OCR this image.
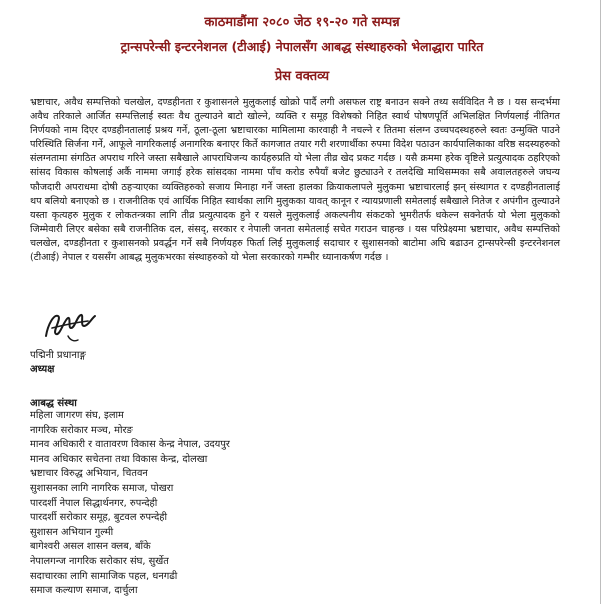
काठमाडौंमा २०८० जेठ १९-२० गते सम्पन्न
ट्रान्सपरेन्सी इन्टरनेशनल (टीआई) नेपालसँग आबद्ध संस्थाहरुको भेलाद्धारा पारित
प्रेस वक्तव्य
भ्रष्टाचार, अवैध सम्पत्तिको चलखेल, दण्डहीनता र कुशासनले मुलुकलाई खोक्रो पार्दै लगी असफल राष्ट्र बनाउन सक्ने तथ्य सर्वविदित नै छ । यस सन्दर्भमा अवैध तरिकाले आर्जित सम्पत्तिलाई स्वतः वैध तुल्याउने बाटो खोल्ने, व्यक्ति र समूह विशेषको निहित स्वार्थ पोषणपूर्ति अभिलक्षित निर्णयलाई नीतिगत निर्णयको नाम दिएर दण्डहीनतालाई प्रश्रय गर्ने, ठूला-ठूला भ्रष्टाचारका मामिलामा कारवाही नै नचल्ने र तितमा संलग्न उच्चपदस्थहरुले स्वतः उन्मुक्ति पाउने परिस्थिति सिर्जना गर्ने, आफूले नागरिकलाई अनागरिक बनाएर किर्ते कागजात तयार गरी शरणार्थीका रुपमा विदेश पठाउन कार्यपालिकाका वरिष्ठ सदस्यहरुको संलग्नतामा संगठित अपराध गरिने जस्ता सबैखाले आपराधिजन्य कार्यहरुप्रति यो भेला तीव्र खेद प्रकट गर्दछ । यसै क्रममा हरेक वृष्टिले प्रत्युत्पादक ठहरिएको सांसद विकास कोषलाई अर्कै नाममा जगाई हरेक सांसदका नाममा पाँच करोड रुपैयाँ बजेट छुट्याउने र तलदेखि माथिसम्मका सबै अवालतहरुले जघन्य फौजदारी अपराधमा दोषी ठहऱ्याएका व्यक्तिहरुको सजाय मिनाहा गर्ने जस्ता हालका क्रियाकलापले मुलुकमा भ्रष्टाचारलाई झन् संस्थागत र दण्डहीनतालाई थप बलियो बनाएको छ । राजनीतिक एवं आर्थिक निहित स्वार्थका लागि मुलुकका यावत् कानून र न्यायप्रणाली समेतलाई सबैखाले नितेज र अपंगीन तुल्याउने यस्ता कृत्यहरु मुलुक र लोकतन्त्रका लागि तीव्र प्रत्युत्पादक हुने र यसले मुलुकलाई अकल्पनीय संकटको भुमरीतर्फ धकेल्न सक्नेतर्फ यो भेला मुलुकको जिम्मेवारी लिएर बसेका सबै राजनीतिक दल, संसद्, सरकार र नेपाली जनता समेतलाई सचेत गराउन चाहन्छ । यस परिप्रेक्ष्यमा भ्रष्टाचार, अवैध सम्पत्तिको चलखेल, दण्डहीनता र कुशासनको प्रवर्द्धन गर्ने सबै निर्णयहरु फिर्ता लिई मुलुकलाई सदाचार र सुशासनको बाटोमा अघि बढाउन ट्रान्सपरेन्सी इन्टरनेशनल (टीआई) नेपाल र यससँग आबद्ध मुलुकभरका संस्थाहरुको यो भेला सरकारको गम्भीर ध्यानाकर्षण गर्दछ ।
पद्मिनी प्रधानाङ्ग
अध्यक्ष
आबद्ध संस्था
महिला जागरण संघ, इलाम
नागरिक सरोकार मञ्च, मोरङ
मानव अधिकारी र वातावरण विकास केन्द्र नेपाल, उदयपुर
मानव अधिकार सचेतना तथा विकास केन्द्र, दोलखा
भ्रष्टाचार विरुद्ध अभियान, चितवन
सुशासनका लागि नागरिक समाज, पोखरा
पारदर्शी नेपाल सिद्धार्थनगर, रुपन्देही
पारदर्शी सरोकार समूह, बुटवल रुपन्देही
सुशासन अभियान गुल्मी
बागेश्वरी असल शासन क्लब, बाँके
नेपालगन्ज नागरिक सरोकार संघ, सुर्खेत
सदाचारका लागि सामाजिक पहल, धनगढी
समाज कल्याण समाज, दार्चुला
